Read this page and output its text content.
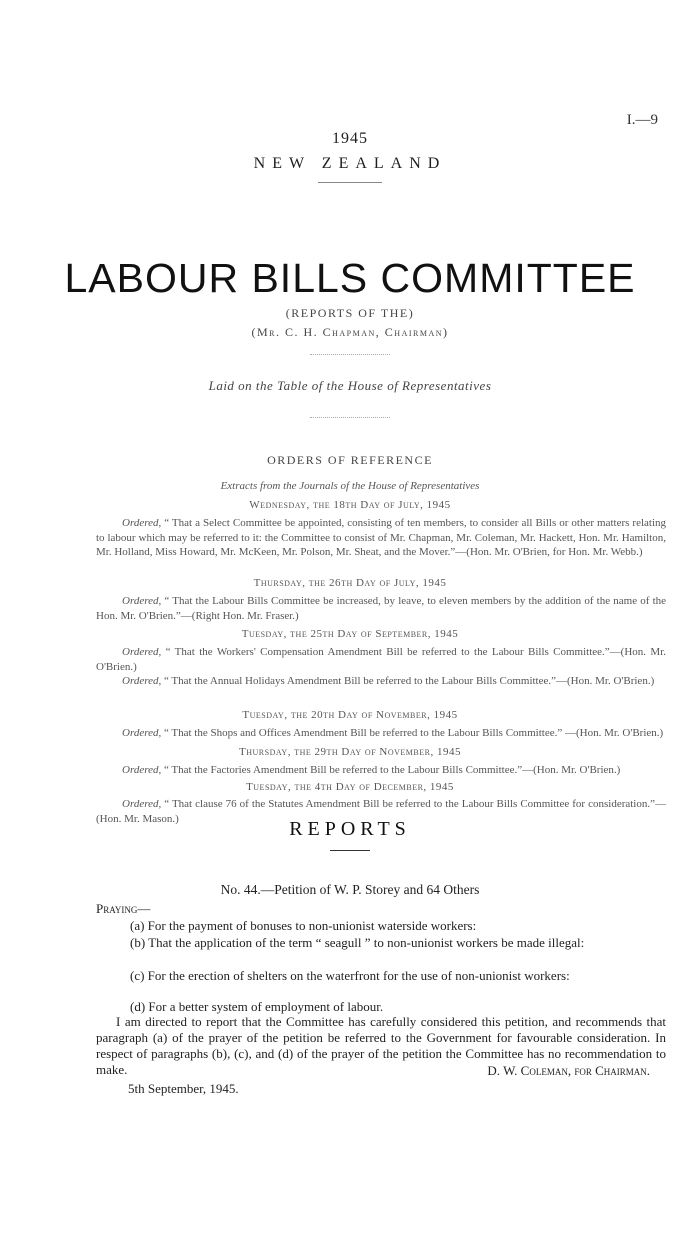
I.—9
1945
NEW ZEALAND
LABOUR BILLS COMMITTEE
(REPORTS OF THE)
(Mr. C. H. Chapman, Chairman)
Laid on the Table of the House of Representatives
ORDERS OF REFERENCE
Extracts from the Journals of the House of Representatives
Wednesday, the 18th Day of July, 1945
Ordered, “ That a Select Committee be appointed, consisting of ten members, to consider all Bills or other matters relating to labour which may be referred to it: the Committee to consist of Mr. Chapman, Mr. Coleman, Mr. Hackett, Hon. Mr. Hamilton, Mr. Holland, Miss Howard, Mr. McKeen, Mr. Polson, Mr. Sheat, and the Mover.”—(Hon. Mr. O'Brien, for Hon. Mr. Webb.)
Thursday, the 26th Day of July, 1945
Ordered, “ That the Labour Bills Committee be increased, by leave, to eleven members by the addition of the name of the Hon. Mr. O'Brien.”—(Right Hon. Mr. Fraser.)
Tuesday, the 25th Day of September, 1945
Ordered, “ That the Workers' Compensation Amendment Bill be referred to the Labour Bills Committee.”—(Hon. Mr. O'Brien.)
Ordered, “ That the Annual Holidays Amendment Bill be referred to the Labour Bills Committee.”—(Hon. Mr. O'Brien.)
Tuesday, the 20th Day of November, 1945
Ordered, “ That the Shops and Offices Amendment Bill be referred to the Labour Bills Committee.” —(Hon. Mr. O'Brien.)
Thursday, the 29th Day of November, 1945
Ordered, “ That the Factories Amendment Bill be referred to the Labour Bills Committee.”—(Hon. Mr. O'Brien.)
Tuesday, the 4th Day of December, 1945
Ordered, “ That clause 76 of the Statutes Amendment Bill be referred to the Labour Bills Committee for consideration.”—(Hon. Mr. Mason.)	REPORTS
No. 44.—Petition of W. P. Storey and 64 Others
Praying—
(a) For the payment of bonuses to non-unionist waterside workers:
(b) That the application of the term “ seagull ” to non-unionist workers be made illegal:
(c) For the erection of shelters on the waterfront for the use of non-unionist workers:
(d) For a better system of employment of labour.
I am directed to report that the Committee has carefully considered this petition, and recommends that paragraph (a) of the prayer of the petition be referred to the Government for favourable consideration. In respect of paragraphs (b), (c), and (d) of the prayer of the petition the Committee has no recommendation to make.	D. W. Coleman, for Chairman.
5th September, 1945.
